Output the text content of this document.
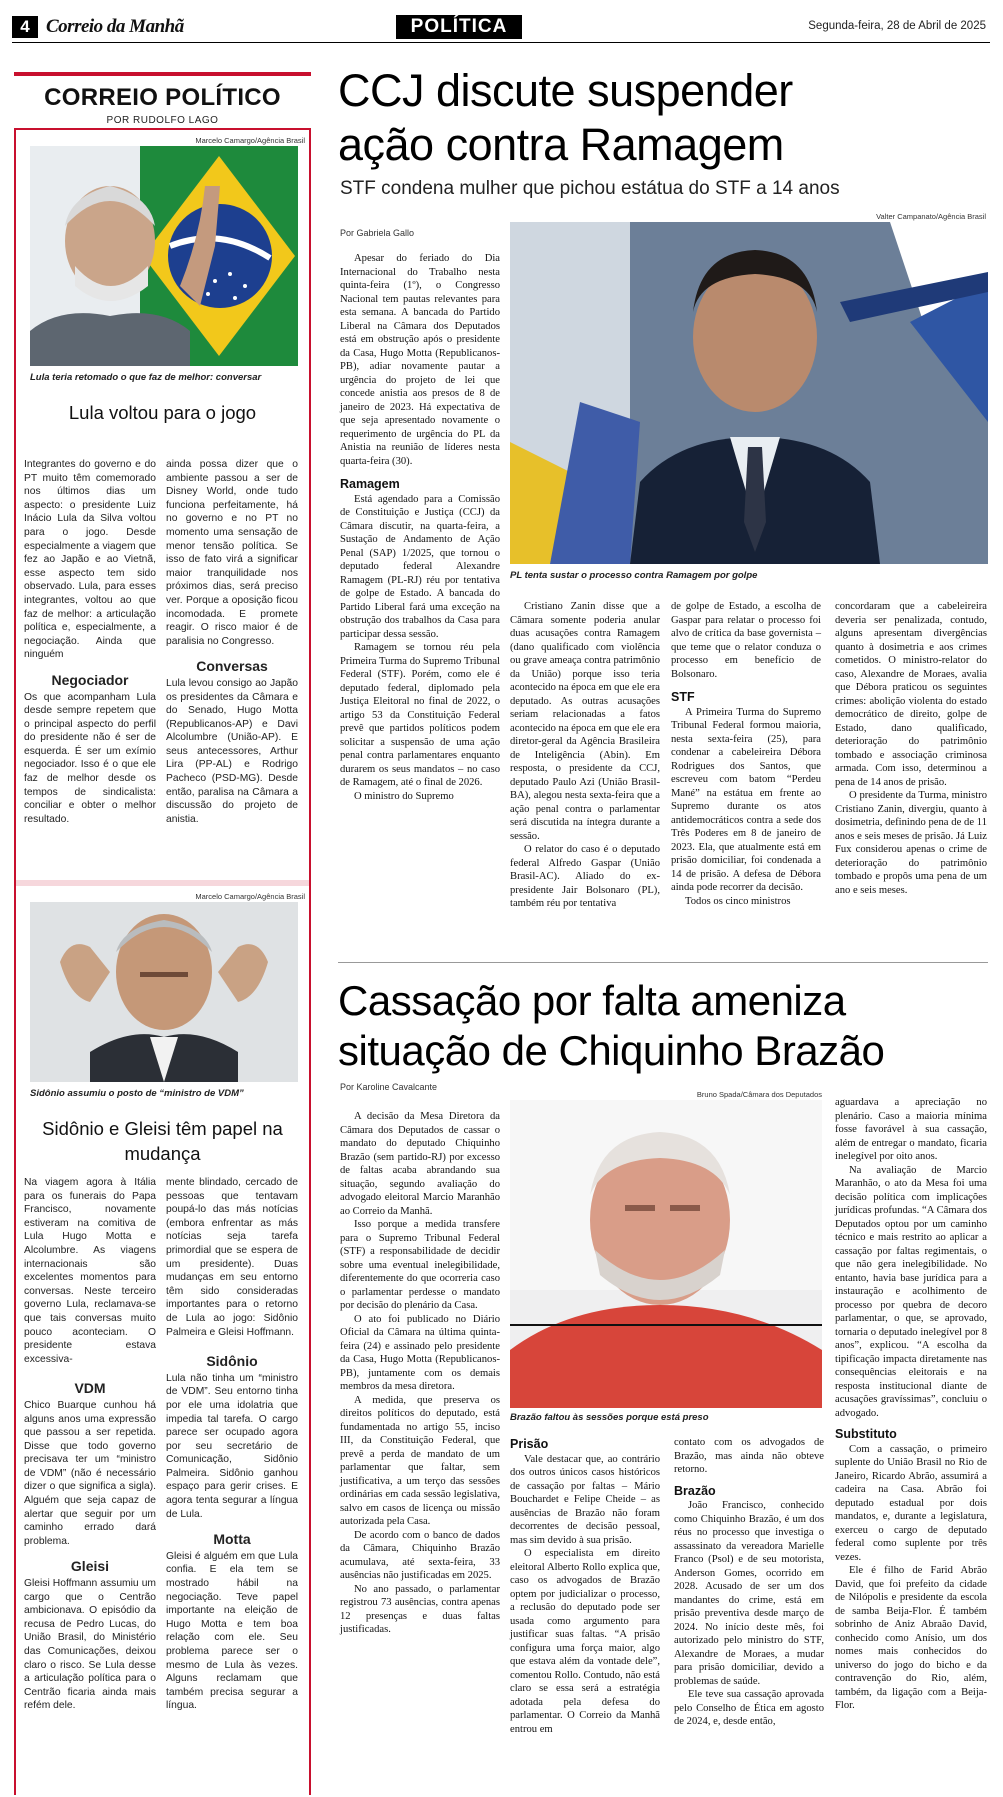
4 Correio da Manhã	POLÍTICA	Segunda-feira, 28 de Abril de 2025
CORREIO POLÍTICO
POR RUDOLFO LAGO
Marcelo Camargo/Agência Brasil
Lula teria retomado o que faz de melhor: conversar
Lula voltou para o jogo

Integrantes do governo e do PT muito têm comemorado nos últimos dias um aspecto: o presidente Luiz Inácio Lula da Silva voltou para o jogo. Desde especialmente a viagem que fez ao Japão e ao Vietnã, esse aspecto tem sido observado. Lula, para esses integrantes, voltou ao que faz de melhor: a articulação política e, especialmente, a negociação. Ainda que ninguém

Negociador

Os que acompanham Lula desde sempre repetem que o principal aspecto do perfil do presidente não é ser de esquerda. É ser um exímio negociador. Isso é o que ele faz de melhor desde os tempos de sindicalista: conciliar e obter o melhor resultado.

ainda possa dizer que o ambiente passou a ser de Disney World, onde tudo funciona perfeitamente, há no governo e no PT no momento uma sensação de menor tensão política. Se isso de fato virá a significar maior tranquilidade nos próximos dias, será preciso ver. Porque a oposição ficou incomodada. E promete reagir. O risco maior é de paralisia no Congresso.

Conversas

Lula levou consigo ao Japão os presidentes da Câmara e do Senado, Hugo Motta (Republicanos-AP) e Davi Alcolumbre (União-AP). E seus antecessores, Arthur Lira (PP-AL) e Rodrigo Pacheco (PSD-MG). Desde então, paralisa na Câmara a discussão do projeto de anistia.

Marcelo Camargo/Agência Brasil
Sidônio assumiu o posto de “ministro de VDM”
Sidônio e Gleisi têm papel na mudança

Na viagem agora à Itália para os funerais do Papa Francisco, novamente estiveram na comitiva de Lula Hugo Motta e Alcolumbre. As viagens internacionais são excelentes momentos para conversas. Neste terceiro governo Lula, reclamava-se que tais conversas muito pouco aconteciam. O presidente estava excessiva-

VDM

Chico Buarque cunhou há alguns anos uma expressão que passou a ser repetida. Disse que todo governo precisava ter um “ministro de VDM” (não é necessário dizer o que significa a sigla). Alguém que seja capaz de alertar que seguir por um caminho errado dará problema.

Gleisi

Gleisi Hoffmann assumiu um cargo que o Centrão ambicionava. O episódio da recusa de Pedro Lucas, do União Brasil, do Ministério das Comunicações, deixou claro o risco. Se Lula desse a articulação política para o Centrão ficaria ainda mais refém dele.

mente blindado, cercado de pessoas que tentavam poupá-lo das más notícias (embora enfrentar as más notícias seja tarefa primordial que se espera de um presidente). Duas mudanças em seu entorno têm sido consideradas importantes para o retorno de Lula ao jogo: Sidônio Palmeira e Gleisi Hoffmann.

Sidônio

Lula não tinha um “ministro de VDM”. Seu entorno tinha por ele uma idolatria que impedia tal tarefa. O cargo parece ser ocupado agora por seu secretário de Comunicação, Sidônio Palmeira. Sidônio ganhou espaço para gerir crises. E agora tenta segurar a língua de Lula.

Motta

Gleisi é alguém em que Lula confia. E ela tem se mostrado hábil na negociação. Teve papel importante na eleição de Hugo Motta e tem boa relação com ele. Seu problema parece ser o mesmo de Lula às vezes. Alguns reclamam que também precisa segurar a língua.

CCJ discute suspender
ação contra Ramagem
STF condena mulher que pichou estátua do STF a 14 anos
Valter Campanato/Agência Brasil
Por Gabriela Gallo
PL tenta sustar o processo contra Ramagem por golpe

Apesar do feriado do Dia Internacional do Trabalho nesta quinta-feira (1º), o Congresso Nacional tem pautas relevantes para esta semana. A bancada do Partido Liberal na Câmara dos Deputados está em obstrução após o presidente da Casa, Hugo Motta (Republicanos-PB), adiar novamente pautar a urgência do projeto de lei que concede anistia aos presos de 8 de janeiro de 2023. Há expectativa de que seja apresentado novamente o requerimento de urgência do PL da Anistia na reunião de líderes nesta quarta-feira (30).

Ramagem

Está agendado para a Comissão de Constituição e Justiça (CCJ) da Câmara discutir, na quarta-feira, a Sustação de Andamento de Ação Penal (SAP) 1/2025, que tornou o deputado federal Alexandre Ramagem (PL-RJ) réu por tentativa de golpe de Estado. A bancada do Partido Liberal fará uma exceção na obstrução dos trabalhos da Casa para participar dessa sessão.

Ramagem se tornou réu pela Primeira Turma do Supremo Tribunal Federal (STF). Porém, como ele é deputado federal, diplomado pela Justiça Eleitoral no final de 2022, o artigo 53 da Constituição Federal prevê que partidos políticos podem solicitar a suspensão de uma ação penal contra parlamentares enquanto durarem os seus mandatos – no caso de Ramagem, até o final de 2026.

O ministro do Supremo

Cristiano Zanin disse que a Câmara somente poderia anular duas acusações contra Ramagem (dano qualificado com violência ou grave ameaça contra patrimônio da União) porque isso teria acontecido na época em que ele era deputado. As outras acusações seriam relacionadas a fatos acontecido na época em que ele era diretor-geral da Agência Brasileira de Inteligência (Abin). Em resposta, o presidente da CCJ, deputado Paulo Azi (União Brasil-BA), alegou nesta sexta-feira que a ação penal contra o parlamentar será discutida na íntegra durante a sessão.

O relator do caso é o deputado federal Alfredo Gaspar (União Brasil-AC). Aliado do ex-presidente Jair Bolsonaro (PL), também réu por tentativa

de golpe de Estado, a escolha de Gaspar para relatar o processo foi alvo de crítica da base governista – que teme que o relator conduza o processo em benefício de Bolsonaro.

STF

A Primeira Turma do Supremo Tribunal Federal formou maioria, nesta sexta-feira (25), para condenar a cabeleireira Débora Rodrigues dos Santos, que escreveu com batom “Perdeu Mané” na estátua em frente ao Supremo durante os atos antidemocráticos contra a sede dos Três Poderes em 8 de janeiro de 2023. Ela, que atualmente está em prisão domiciliar, foi condenada a 14 de prisão. A defesa de Débora ainda pode recorrer da decisão.

Todos os cinco ministros

concordaram que a cabeleireira deveria ser penalizada, contudo, alguns apresentam divergências quanto à dosimetria e aos crimes cometidos. O ministro-relator do caso, Alexandre de Moraes, avalia que Débora praticou os seguintes crimes: abolição violenta do estado democrático de direito, golpe de Estado, dano qualificado, deterioração do patrimônio tombado e associação criminosa armada. Com isso, determinou a pena de 14 anos de prisão.

O presidente da Turma, ministro Cristiano Zanin, divergiu, quanto à dosimetria, definindo pena de de 11 anos e seis meses de prisão. Já Luiz Fux considerou apenas o crime de deterioração do patrimônio tombado e propôs uma pena de um ano e seis meses.

Cassação por falta ameniza
situação de Chiquinho Brazão
Por Karoline Cavalcante
Bruno Spada/Câmara dos Deputados
Brazão faltou às sessões porque está preso

A decisão da Mesa Diretora da Câmara dos Deputados de cassar o mandato do deputado Chiquinho Brazão (sem partido-RJ) por excesso de faltas acaba abrandando sua situação, segundo avaliação do advogado eleitoral Marcio Maranhão ao Correio da Manhã.

Isso porque a medida transfere para o Supremo Tribunal Federal (STF) a responsabilidade de decidir sobre uma eventual inelegibilidade, diferentemente do que ocorreria caso o parlamentar perdesse o mandato por decisão do plenário da Casa.

O ato foi publicado no Diário Oficial da Câmara na última quinta-feira (24) e assinado pelo presidente da Casa, Hugo Motta (Republicanos-PB), juntamente com os demais membros da mesa diretora.

A medida, que preserva os direitos políticos do deputado, está fundamentada no artigo 55, inciso III, da Constituição Federal, que prevê a perda de mandato de um parlamentar que faltar, sem justificativa, a um terço das sessões ordinárias em cada sessão legislativa, salvo em casos de licença ou missão autorizada pela Casa.

De acordo com o banco de dados da Câmara, Chiquinho Brazão acumulava, até sexta-feira, 33 ausências não justificadas em 2025.

No ano passado, o parlamentar registrou 73 ausências, contra apenas 12 presenças e duas faltas justificadas.

Prisão

Vale destacar que, ao contrário dos outros únicos casos históricos de cassação por faltas – Mário Bouchardet e Felipe Cheide – as ausências de Brazão não foram decorrentes de decisão pessoal, mas sim devido à sua prisão.

O especialista em direito eleitoral Alberto Rollo explica que, caso os advogados de Brazão optem por judicializar o processo, a reclusão do deputado pode ser usada como argumento para justificar suas faltas. “A prisão configura uma força maior, algo que estava além da vontade dele”, comentou Rollo. Contudo, não está claro se essa será a estratégia adotada pela defesa do parlamentar. O Correio da Manhã entrou em

contato com os advogados de Brazão, mas ainda não obteve retorno.

Brazão

João Francisco, conhecido como Chiquinho Brazão, é um dos réus no processo que investiga o assassinato da vereadora Marielle Franco (Psol) e de seu motorista, Anderson Gomes, ocorrido em 2028. Acusado de ser um dos mandantes do crime, está em prisão preventiva desde março de 2024. No início deste mês, foi autorizado pelo ministro do STF, Alexandre de Moraes, a mudar para prisão domiciliar, devido a problemas de saúde.

Ele teve sua cassação aprovada pelo Conselho de Ética em agosto de 2024, e, desde então,

aguardava a apreciação no plenário. Caso a maioria mínima fosse favorável à sua cassação, além de entregar o mandato, ficaria inelegível por oito anos.

Na avaliação de Marcio Maranhão, o ato da Mesa foi uma decisão política com implicações jurídicas profundas. “A Câmara dos Deputados optou por um caminho técnico e mais restrito ao aplicar a cassação por faltas regimentais, o que não gera inelegibilidade. No entanto, havia base jurídica para a instauração e acolhimento de processo por quebra de decoro parlamentar, o que, se aprovado, tornaria o deputado inelegível por 8 anos”, explicou. “A escolha da tipificação impacta diretamente nas consequências eleitorais e na resposta institucional diante de acusações gravíssimas”, concluiu o advogado.

Substituto

Com a cassação, o primeiro suplente do União Brasil no Rio de Janeiro, Ricardo Abrão, assumirá a cadeira na Casa. Abrão foi deputado estadual por dois mandatos, e, durante a legislatura, exerceu o cargo de deputado federal como suplente por três vezes.

Ele é filho de Farid Abrão David, que foi prefeito da cidade de Nilópolis e presidente da escola de samba Beija-Flor. É também sobrinho de Aniz Abraão David, conhecido como Anísio, um dos nomes mais conhecidos do universo do jogo do bicho e da contravenção do Rio, além, também, da ligação com a Beija-Flor.
